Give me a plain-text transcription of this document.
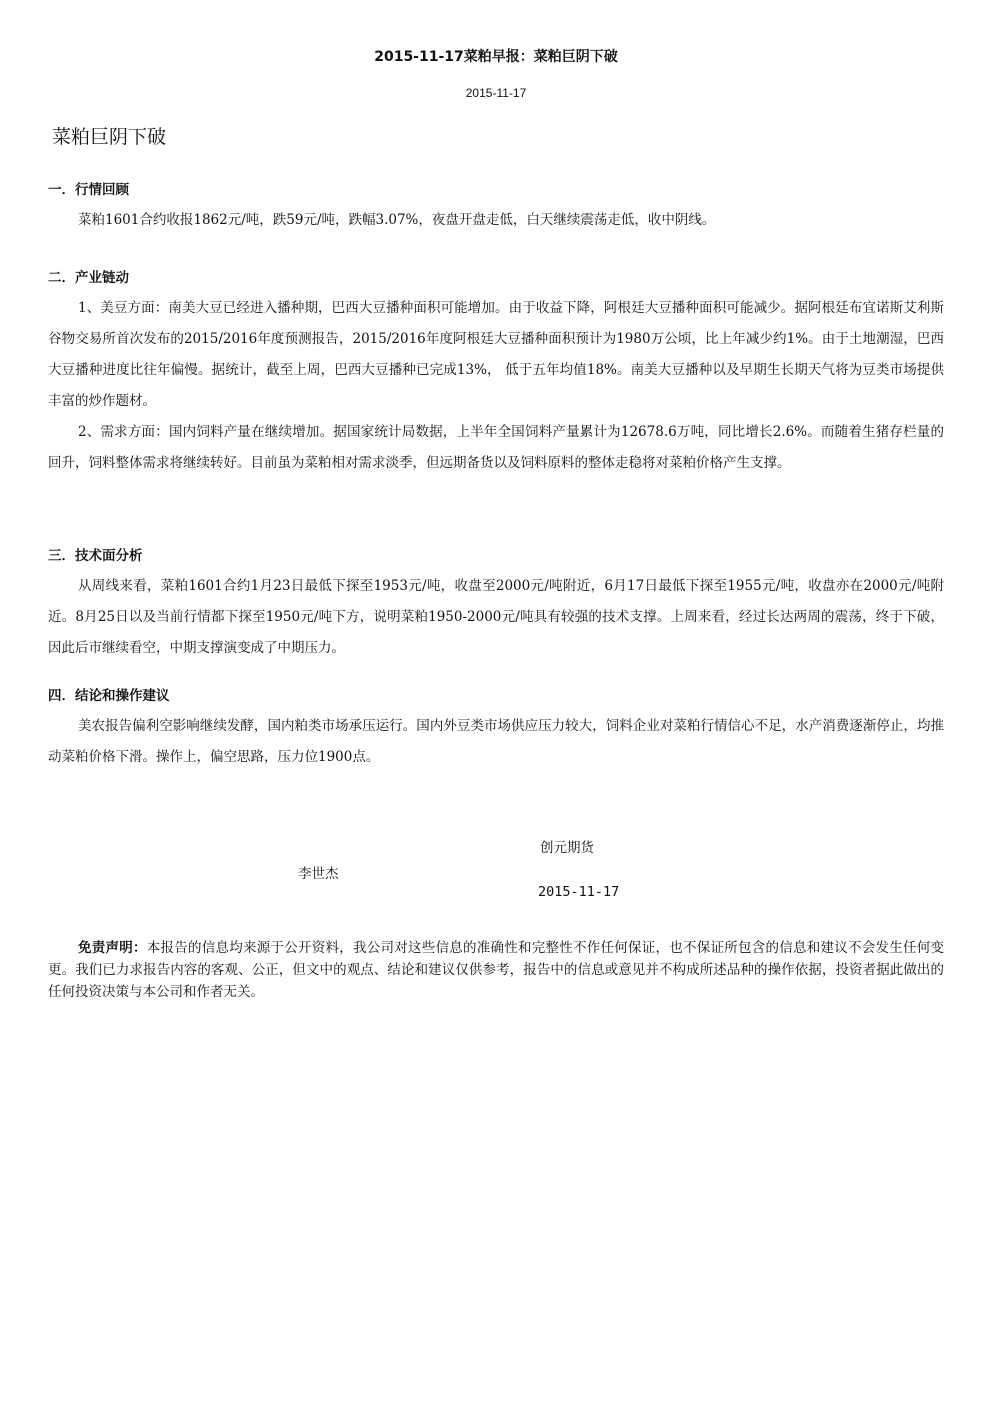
2015-11-17菜粕早报：菜粕巨阴下破

2015-11-17

菜粕巨阴下破
一．行情回顾

菜粕1601合约收报1862元/吨，跌59元/吨，跌幅3.07%，夜盘开盘走低，白天继续震荡走低，收中阴线。

二．产业链动

1、美豆方面：南美大豆已经进入播种期，巴西大豆播种面积可能增加。由于收益下降，阿根廷大豆播种面积可能减少。据阿根廷布宜诺斯艾利斯谷物交易所首次发布的2015/2016年度预测报告，2015/2016年度阿根廷大豆播种面积预计为1980万公顷，比上年减少约1%。由于土地潮湿，巴西大豆播种进度比往年偏慢。据统计，截至上周，巴西大豆播种已完成13%， 低于五年均值18%。南美大豆播种以及早期生长期天气将为豆类市场提供丰富的炒作题材。

2、需求方面：国内饲料产量在继续增加。据国家统计局数据，上半年全国饲料产量累计为12678.6万吨，同比增长2.6%。而随着生猪存栏量的回升，饲料整体需求将继续转好。目前虽为菜粕相对需求淡季，但远期备货以及饲料原料的整体走稳将对菜粕价格产生支撑。

三．技术面分析

从周线来看，菜粕1601合约1月23日最低下探至1953元/吨，收盘至2000元/吨附近，6月17日最低下探至1955元/吨，收盘亦在2000元/吨附近。8月25日以及当前行情都下探至1950元/吨下方，说明菜粕1950-2000元/吨具有较强的技术支撑。上周来看，经过长达两周的震荡，终于下破，因此后市继续看空，中期支撑演变成了中期压力。

四．结论和操作建议

美农报告偏利空影响继续发酵，国内粕类市场承压运行。国内外豆类市场供应压力较大，饲料企业对菜粕行情信心不足，水产消费逐渐停止，均推动菜粕价格下滑。操作上，偏空思路，压力位1900点。

创元期货
李世杰
2015-11-17

免责声明：本报告的信息均来源于公开资料，我公司对这些信息的准确性和完整性不作任何保证，也不保证所包含的信息和建议不会发生任何变更。我们已力求报告内容的客观、公正，但文中的观点、结论和建议仅供参考，报告中的信息或意见并不构成所述品种的操作依据，投资者据此做出的任何投资决策与本公司和作者无关。
